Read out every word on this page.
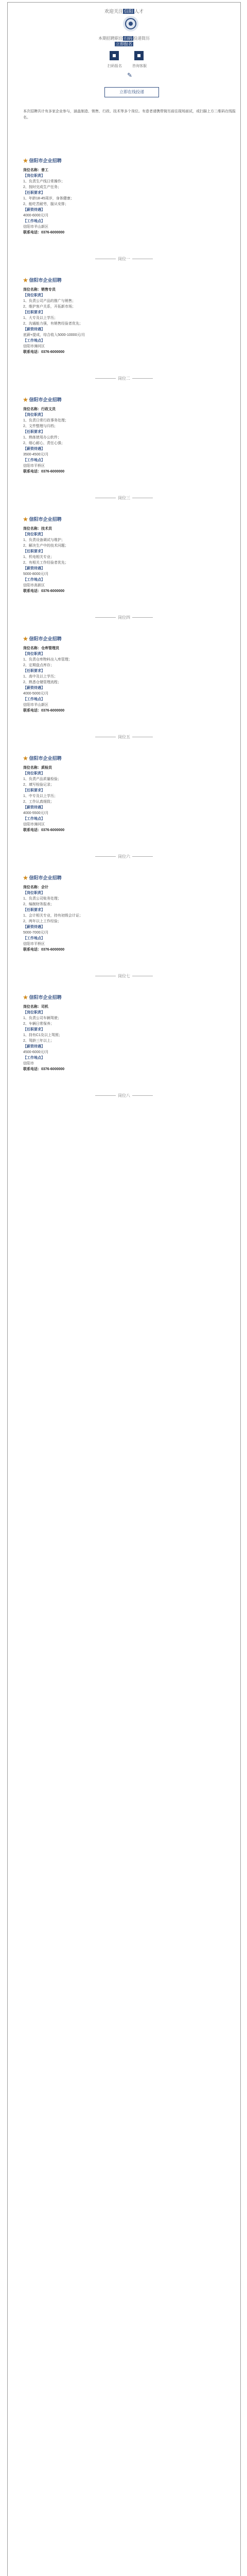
欢迎关注 信阳 人才
本期招聘职位 扫码 投递简历
立即报名
扫码报名	咨询客服
✎
立即在线投递
本次招聘共计有多家企业参与，涵盖制造、销售、行政、技术等多个岗位。有意者请携带简历前往现场面试，或扫描上方二维码在线报名。
★ 信阳市企业招聘
岗位名称：普工
【岗位职责】
1、负责生产线日常操作；
2、按时完成生产任务；
【任职要求】
1、年龄18-45周岁，身体健康；
2、能吃苦耐劳，服从安排；
【薪资待遇】
4000-6000元/月
【工作地点】
信阳市羊山新区
联系电话：0376-6000000
岗位一
★ 信阳市企业招聘
岗位名称：销售专员
【岗位职责】
1、负责公司产品的推广与销售；
2、维护客户关系，开拓新市场；
【任职要求】
1、大专及以上学历；
2、沟通能力强，有销售经验者优先；
【薪资待遇】
底薪+提成，综合收入5000-10000元/月
【工作地点】
信阳市浉河区
联系电话：0376-6000000
岗位二
★ 信阳市企业招聘
岗位名称：行政文员
【岗位职责】
1、负责日常行政事务处理；
2、文件整理与归档；
【任职要求】
1、熟练使用办公软件；
2、细心耐心，责任心强；
【薪资待遇】
3500-4500元/月
【工作地点】
信阳市平桥区
联系电话：0376-6000000
岗位三
★ 信阳市企业招聘
岗位名称：技术员
【岗位职责】
1、负责设备调试与维护；
2、解决生产中的技术问题；
【任职要求】
1、机电相关专业；
2、有相关工作经验者优先；
【薪资待遇】
5000-8000元/月
【工作地点】
信阳市高新区
联系电话：0376-6000000
岗位四
★ 信阳市企业招聘
岗位名称：仓库管理员
【岗位职责】
1、负责仓库物料出入库管理；
2、定期盘点库存；
【任职要求】
1、高中及以上学历；
2、熟悉仓储管理流程；
【薪资待遇】
4000-5000元/月
【工作地点】
信阳市羊山新区
联系电话：0376-6000000
岗位五
★ 信阳市企业招聘
岗位名称：质检员
【岗位职责】
1、负责产品质量检验；
2、填写检验记录；
【任职要求】
1、中专及以上学历；
2、工作认真细致；
【薪资待遇】
4000-5500元/月
【工作地点】
信阳市浉河区
联系电话：0376-6000000
岗位六
★ 信阳市企业招聘
岗位名称：会计
【岗位职责】
1、负责公司账务处理；
2、编制财务报表；
【任职要求】
1、会计相关专业，持有初级会计证；
2、两年以上工作经验；
【薪资待遇】
5000-7000元/月
【工作地点】
信阳市平桥区
联系电话：0376-6000000
岗位七
★ 信阳市企业招聘
岗位名称：司机
【岗位职责】
1、负责公司车辆驾驶；
2、车辆日常保养；
【任职要求】
1、持有C1及以上驾照；
2、驾龄三年以上；
【薪资待遇】
4500-6000元/月
【工作地点】
信阳市
联系电话：0376-6000000
岗位八
